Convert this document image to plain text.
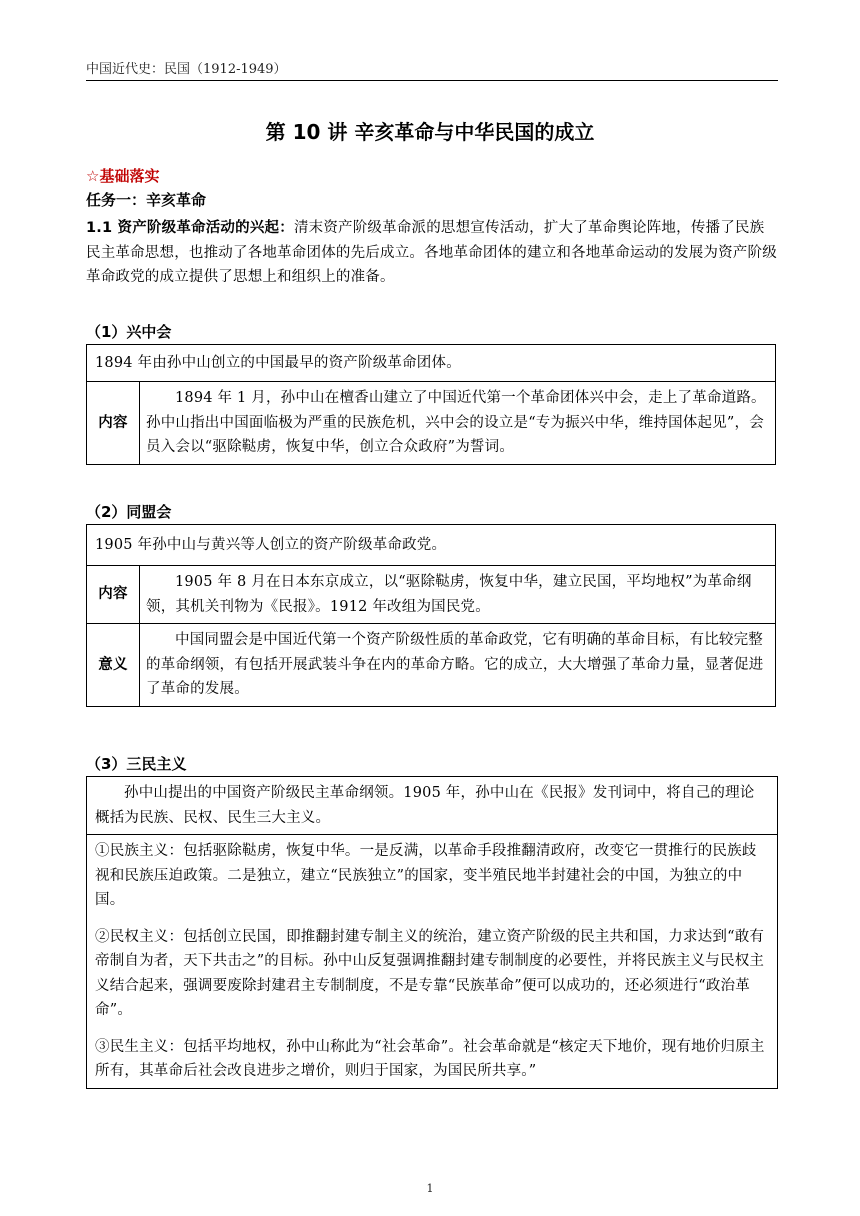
中国近代史：民国（1912-1949）
第 10 讲 辛亥革命与中华民国的成立
☆基础落实
任务一：辛亥革命
1.1 资产阶级革命活动的兴起：清末资产阶级革命派的思想宣传活动，扩大了革命舆论阵地，传播了民族民主革命思想，也推动了各地革命团体的先后成立。各地革命团体的建立和各地革命运动的发展为资产阶级革命政党的成立提供了思想上和组织上的准备。
（1）兴中会
1894 年由孙中山创立的中国最早的资产阶级革命团体。
内容	1894 年 1 月，孙中山在檀香山建立了中国近代第一个革命团体兴中会，走上了革命道路。孙中山指出中国面临极为严重的民族危机，兴中会的设立是“专为振兴中华，维持国体起见”，会员入会以“驱除鞑虏，恢复中华，创立合众政府”为誓词。
（2）同盟会
1905 年孙中山与黄兴等人创立的资产阶级革命政党。	
内容	1905 年 8 月在日本东京成立，以“驱除鞑虏，恢复中华，建立民国，平均地权”为革命纲领，其机关刊物为《民报》。1912 年改组为国民党。
意义	中国同盟会是中国近代第一个资产阶级性质的革命政党，它有明确的革命目标，有比较完整的革命纲领，有包括开展武装斗争在内的革命方略。它的成立，大大增强了革命力量，显著促进了革命的发展。
（3）三民主义
孙中山提出的中国资产阶级民主革命纲领。1905 年，孙中山在《民报》发刊词中，将自己的理论概括为民族、民权、民生三大主义。

①民族主义：包括驱除鞑虏，恢复中华。一是反满，以革命手段推翻清政府，改变它一贯推行的民族歧视和民族压迫政策。二是独立，建立“民族独立”的国家，变半殖民地半封建社会的中国，为独立的中国。

②民权主义：包括创立民国，即推翻封建专制主义的统治，建立资产阶级的民主共和国，力求达到“敢有帝制自为者，天下共击之”的目标。孙中山反复强调推翻封建专制制度的必要性，并将民族主义与民权主义结合起来，强调要废除封建君主专制制度，不是专靠“民族革命”便可以成功的，还必须进行“政治革命”。

③民生主义：包括平均地权，孙中山称此为“社会革命”。社会革命就是“核定天下地价，现有地价归原主所有，其革命后社会改良进步之增价，则归于国家，为国民所共享。”

1
